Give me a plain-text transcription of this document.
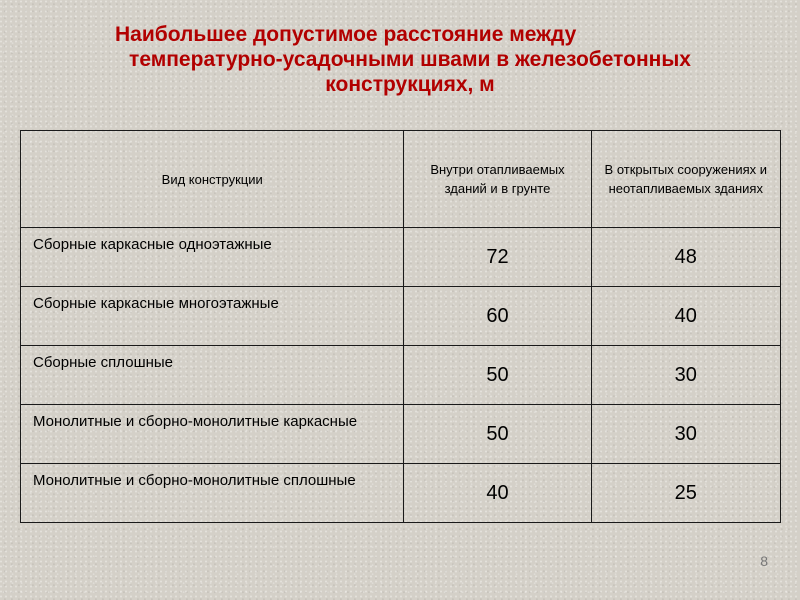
Наибольшее допустимое расстояние между
температурно-усадочными швами в железобетонных
конструкциях, м
Вид конструкции	Внутри отапливаемых зданий и в грунте	В открытых сооружениях и неотапливаемых зданиях
Сборные каркасные одноэтажные	72	48
Сборные каркасные многоэтажные	60	40
Сборные сплошные	50	30
Монолитные и сборно-монолитные каркасные	50	30
Монолитные и сборно-монолитные сплошные	40	25
8
